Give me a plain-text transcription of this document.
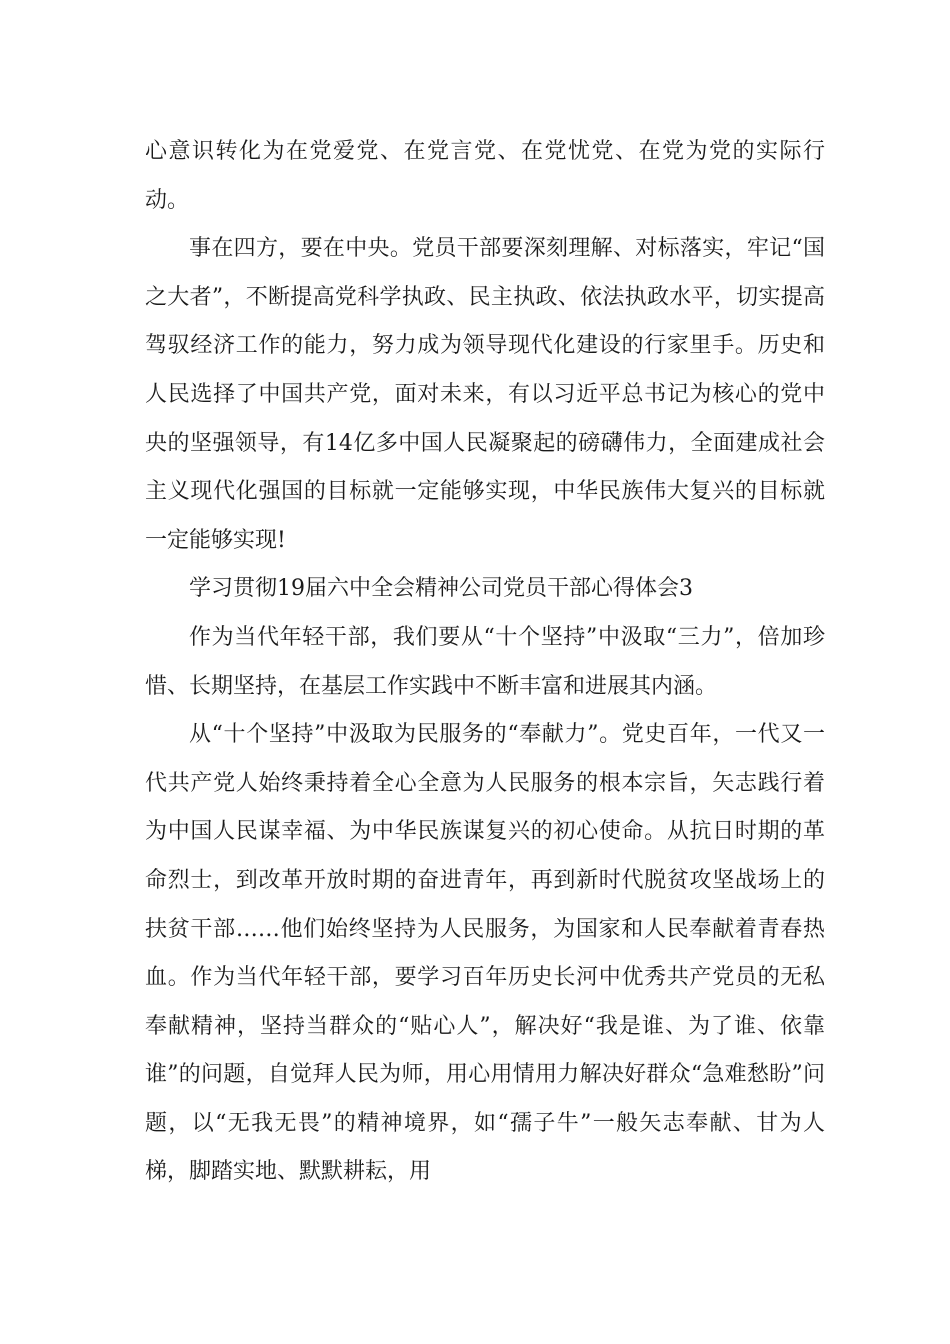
心意识转化为在党爱党、在党言党、在党忧党、在党为党的实际行动。

事在四方，要在中央。党员干部要深刻理解、对标落实，牢记“国之大者”，不断提高党科学执政、民主执政、依法执政水平，切实提高驾驭经济工作的能力，努力成为领导现代化建设的行家里手。历史和人民选择了中国共产党，面对未来，有以习近平总书记为核心的党中央的坚强领导，有14亿多中国人民凝聚起的磅礴伟力，全面建成社会主义现代化强国的目标就一定能够实现，中华民族伟大复兴的目标就一定能够实现!

学习贯彻19届六中全会精神公司党员干部心得体会3

作为当代年轻干部，我们要从“十个坚持”中汲取“三力”，倍加珍惜、长期坚持，在基层工作实践中不断丰富和进展其内涵。

从“十个坚持”中汲取为民服务的“奉献力”。党史百年，一代又一代共产党人始终秉持着全心全意为人民服务的根本宗旨，矢志践行着为中国人民谋幸福、为中华民族谋复兴的初心使命。从抗日时期的革命烈士，到改革开放时期的奋进青年，再到新时代脱贫攻坚战场上的扶贫干部……他们始终坚持为人民服务，为国家和人民奉献着青春热血。作为当代年轻干部，要学习百年历史长河中优秀共产党员的无私奉献精神，坚持当群众的“贴心人”，解决好“我是谁、为了谁、依靠谁”的问题，自觉拜人民为师，用心用情用力解决好群众“急难愁盼”问题，以“无我无畏”的精神境界，如“孺子牛”一般矢志奉献、甘为人梯，脚踏实地、默默耕耘，用
